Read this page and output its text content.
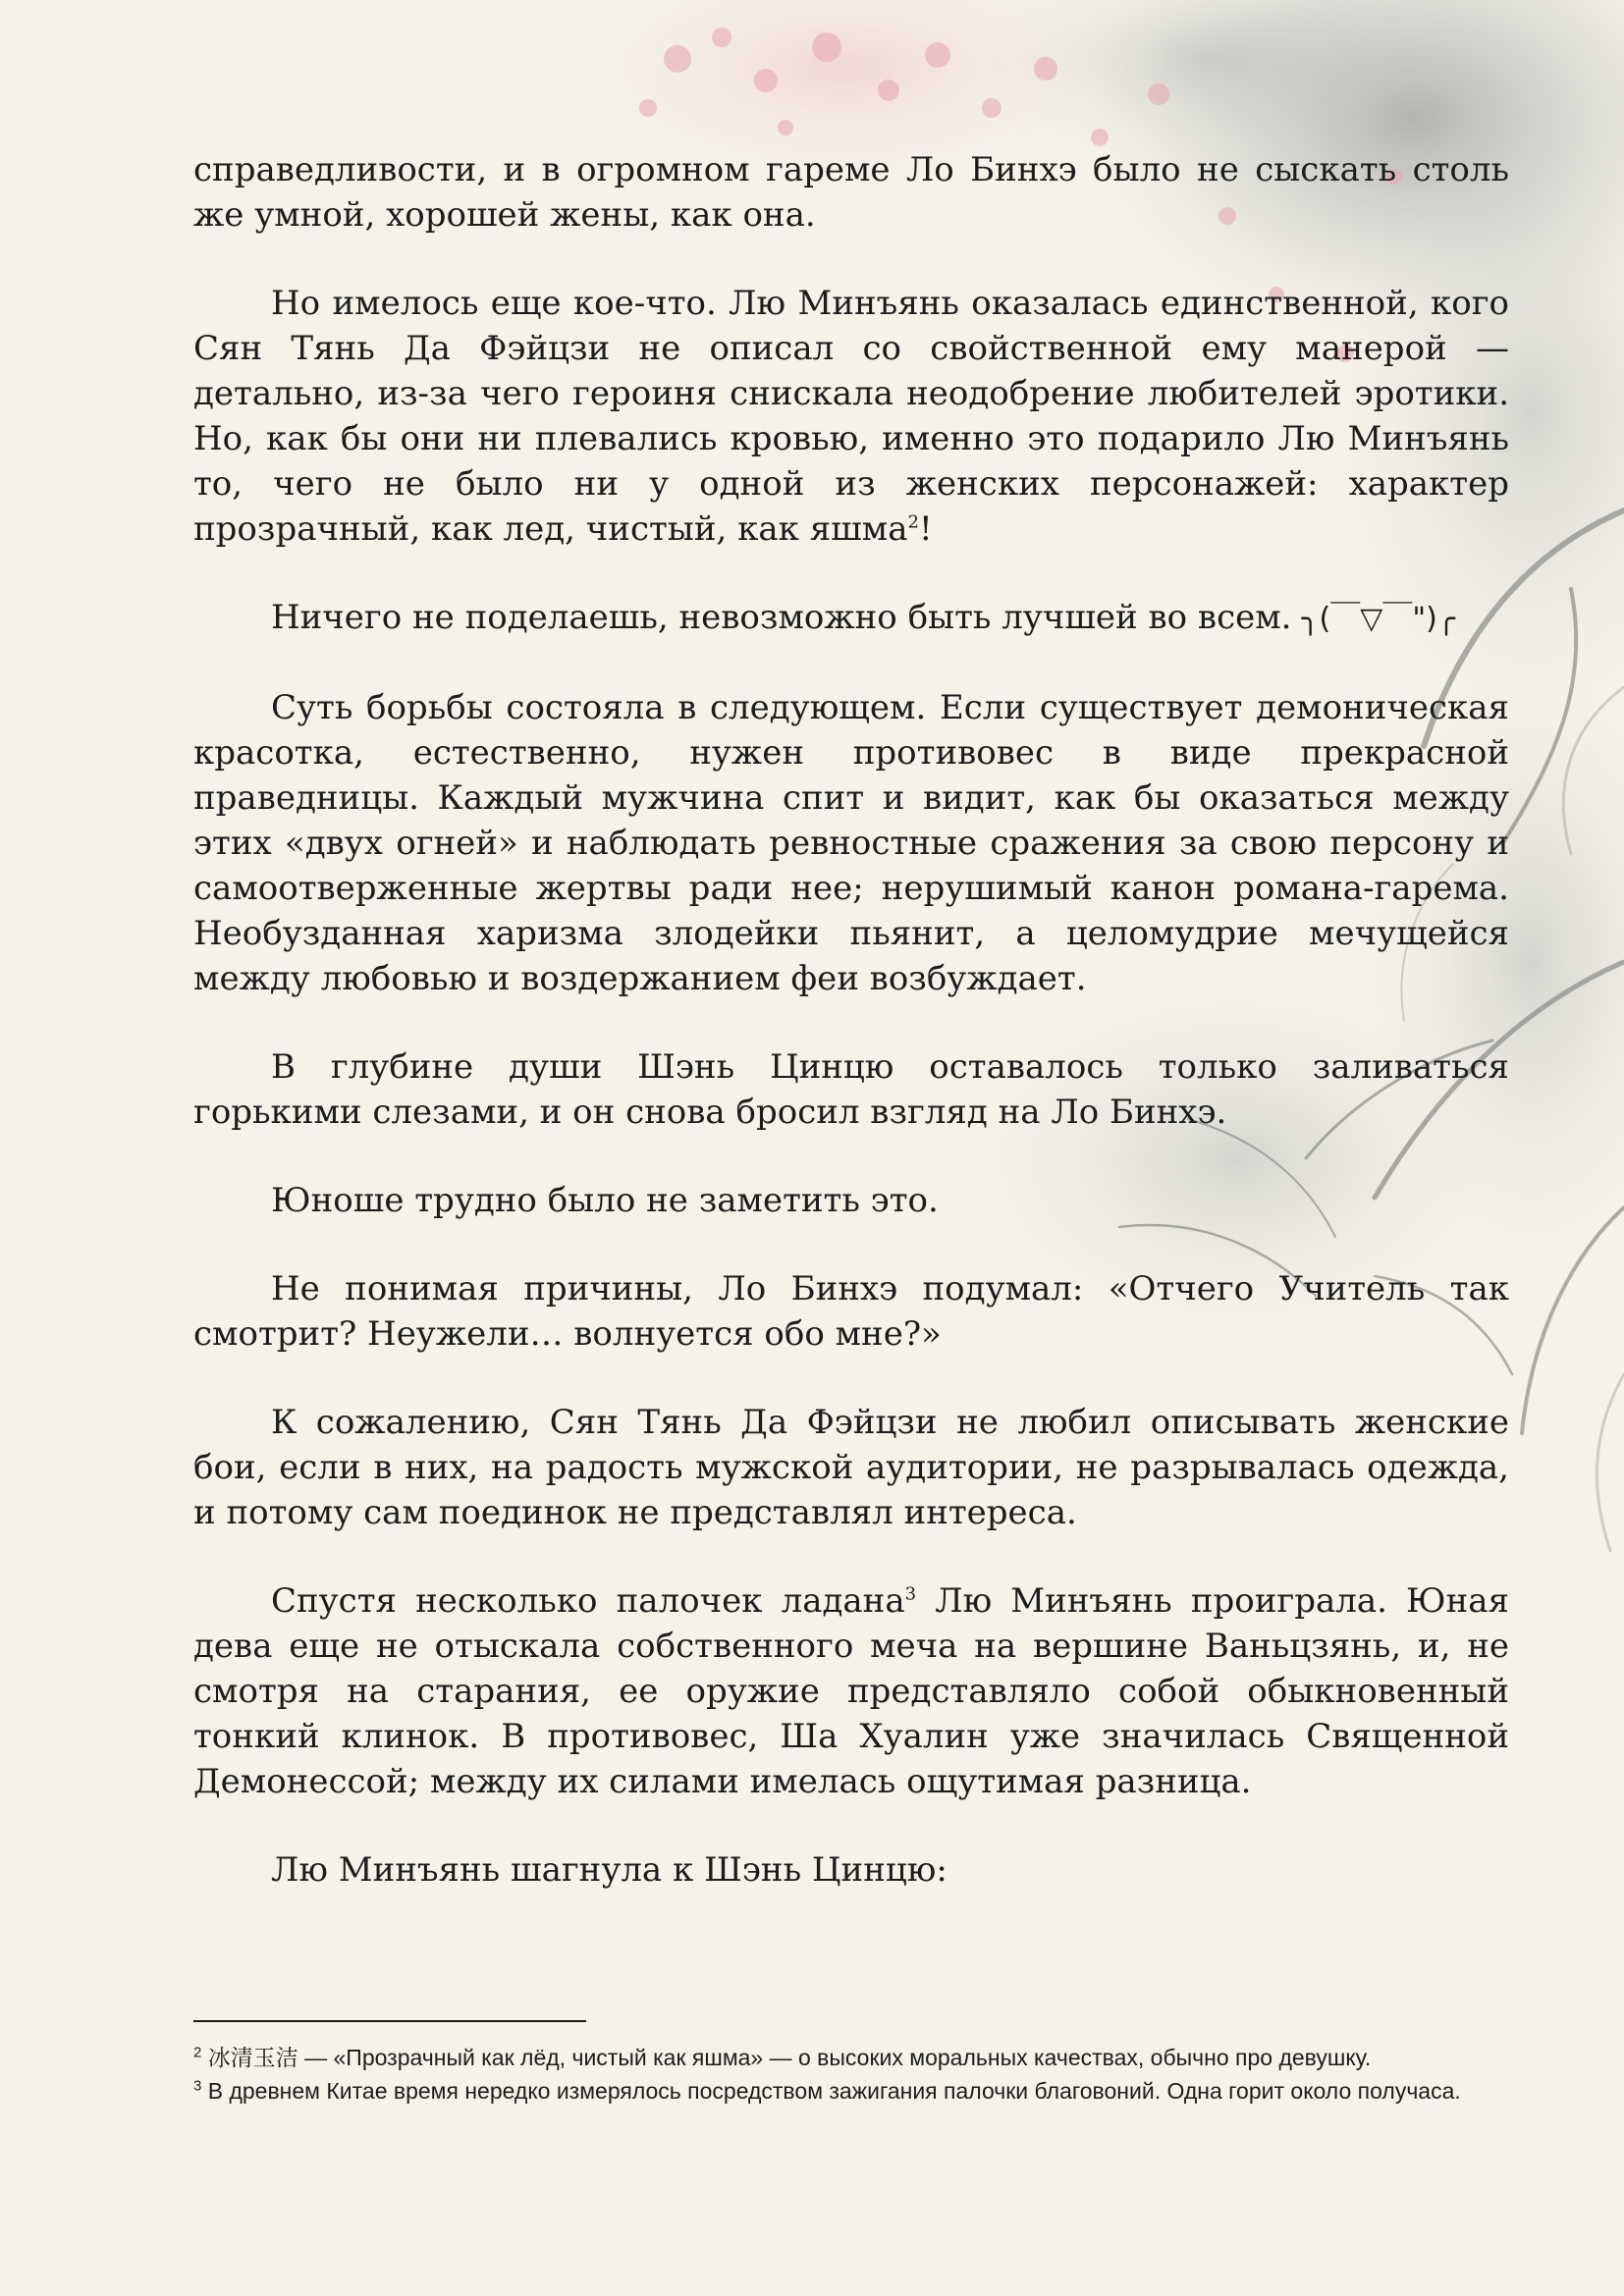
справедливости, и в огромном гареме Ло Бинхэ было не сыскать столь же умной, хорошей жены, как она.

Но имелось еще кое-что. Лю Минъянь оказалась единственной, кого Сян Тянь Да Фэйцзи не описал со свойственной ему манерой — детально, из-за чего героиня снискала неодобрение любителей эротики. Но, как бы они ни плевались кровью, именно это подарило Лю Минъянь то, чего не было ни у одной из женских персонажей: характер прозрачный, как лед, чистый, как яшма$^2$!

Ничего не поделаешь, невозможно быть лучшей во всем. ╮(￣▽￣")╭

Суть борьбы состояла в следующем. Если существует демоническая красотка, естественно, нужен противовес в виде прекрасной праведницы. Каждый мужчина спит и видит, как бы оказаться между этих «двух огней» и наблюдать ревностные сражения за свою персону и самоотверженные жертвы ради нее; нерушимый канон романа-гарема. Необузданная харизма злодейки пьянит, а целомудрие мечущейся между любовью и воздержанием феи возбуждает.

В глубине души Шэнь Цинцю оставалось только заливаться горькими слезами, и он снова бросил взгляд на Ло Бинхэ.

Юноше трудно было не заметить это.

Не понимая причины, Ло Бинхэ подумал: «Отчего Учитель так смотрит? Неужели… волнуется обо мне?»

К сожалению, Сян Тянь Да Фэйцзи не любил описывать женские бои, если в них, на радость мужской аудитории, не разрывалась одежда, и потому сам поединок не представлял интереса.

Спустя несколько палочек ладана$^3$ Лю Минъянь проиграла. Юная дева еще не отыскала собственного меча на вершине Ваньцзянь, и, не смотря на старания, ее оружие представляло собой обыкновенный тонкий клинок. В противовес, Ша Хуалин уже значилась Священной Демонессой; между их силами имелась ощутимая разница.

Лю Минъянь шагнула к Шэнь Цинцю:

$^2$ 冰清玉洁 — «Прозрачный как лёд, чистый как яшма» — о высоких моральных качествах, обычно про девушку.

$^3$ В древнем Китае время нередко измерялось посредством зажигания палочки благовоний. Одна горит около получаса.
